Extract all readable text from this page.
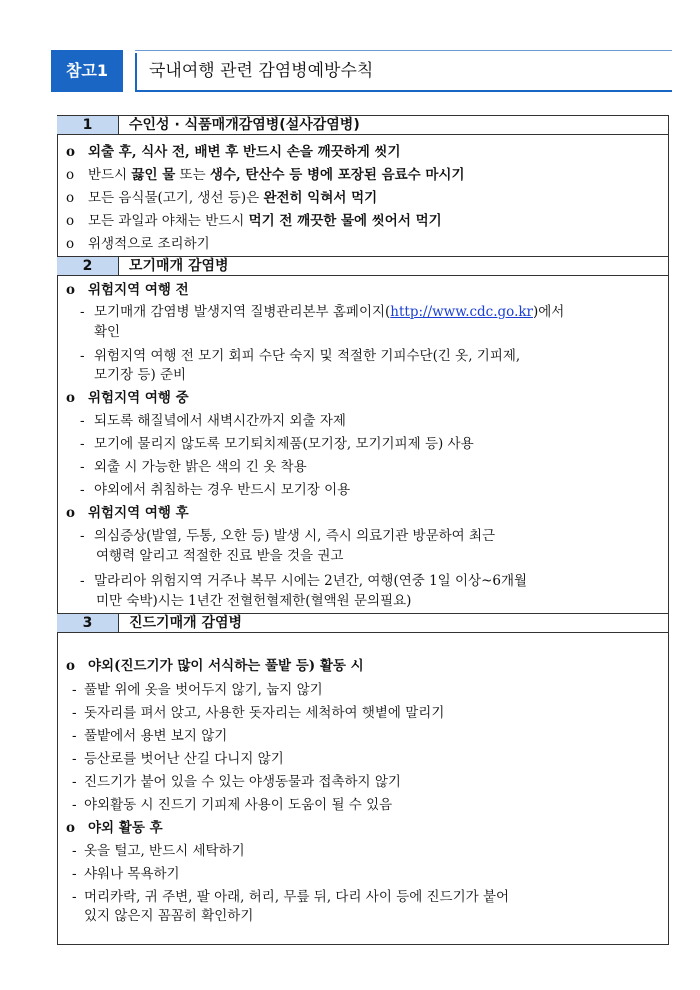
참고1	국내여행 관련 감염병예방수칙
1	수인성 · 식품매개감염병(설사감염병)
ο 외출 후, 식사 전, 배변 후 반드시 손을 깨끗하게 씻기
ο 반드시 끓인 물 또는 생수, 탄산수 등 병에 포장된 음료수 마시기
ο 모든 음식물(고기, 생선 등)은 완전히 익혀서 먹기
ο 모든 과일과 야채는 반드시 먹기 전 깨끗한 물에 씻어서 먹기
ο 위생적으로 조리하기
2	모기매개 감염병
ο 위험지역 여행 전
- 모기매개 감염병 발생지역 질병관리본부 홈페이지(http://www.cdc.go.kr)에서
확인
- 위험지역 여행 전 모기 회피 수단 숙지 및 적절한 기피수단(긴 옷, 기피제,
모기장 등) 준비
ο 위험지역 여행 중
- 되도록 해질녘에서 새벽시간까지 외출 자제
- 모기에 물리지 않도록 모기퇴치제품(모기장, 모기기피제 등) 사용
- 외출 시 가능한 밝은 색의 긴 옷 착용
- 야외에서 취침하는 경우 반드시 모기장 이용
ο 위험지역 여행 후
- 의심증상(발열, 두통, 오한 등) 발생 시, 즉시 의료기관 방문하여 최근
여행력 알리고 적절한 진료 받을 것을 권고
- 말라리아 위험지역 거주나 복무 시에는 2년간, 여행(연중 1일 이상~6개월
미만 숙박)시는 1년간 전혈헌혈제한(혈액원 문의필요)
3	진드기매개 감염병
ο 야외(진드기가 많이 서식하는 풀밭 등) 활동 시
- 풀밭 위에 옷을 벗어두지 않기, 눕지 않기
- 돗자리를 펴서 앉고, 사용한 돗자리는 세척하여 햇볕에 말리기
- 풀밭에서 용변 보지 않기
- 등산로를 벗어난 산길 다니지 않기
- 진드기가 붙어 있을 수 있는 야생동물과 접촉하지 않기
- 야외활동 시 진드기 기피제 사용이 도움이 될 수 있음
ο 야외 활동 후
- 옷을 털고, 반드시 세탁하기
- 샤워나 목욕하기
- 머리카락, 귀 주변, 팔 아래, 허리, 무릎 뒤, 다리 사이 등에 진드기가 붙어
있지 않은지 꼼꼼히 확인하기
